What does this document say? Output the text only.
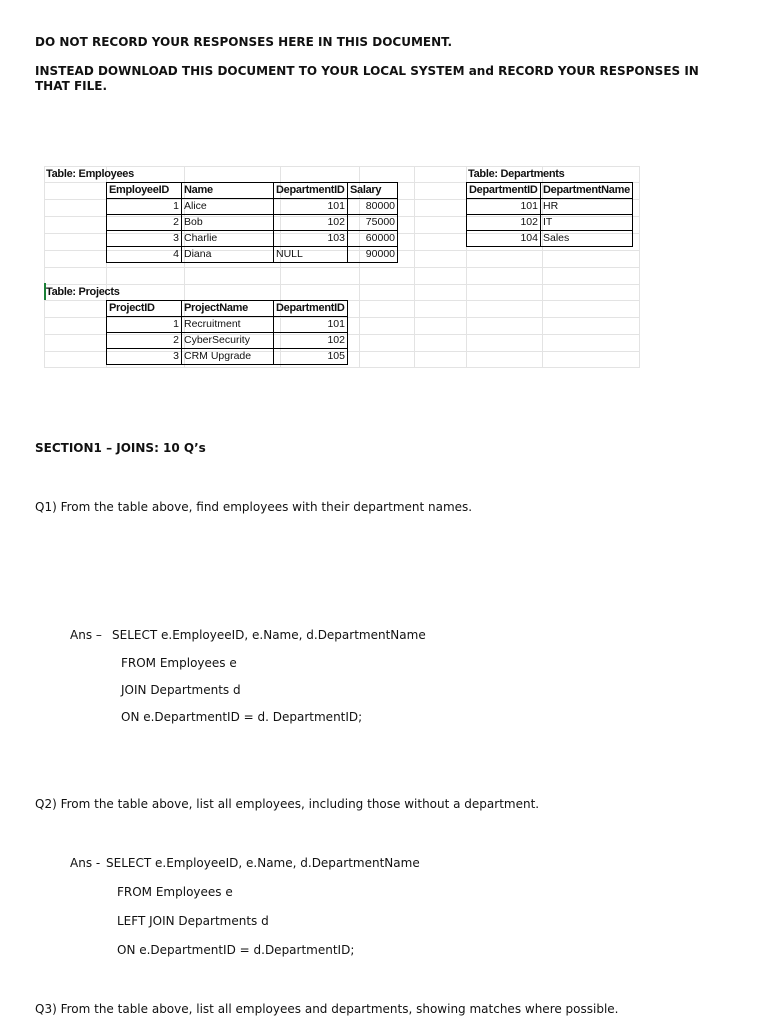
DO NOT RECORD YOUR RESPONSES HERE IN THIS DOCUMENT.
INSTEAD DOWNLOAD THIS DOCUMENT TO YOUR LOCAL SYSTEM and RECORD YOUR RESPONSES IN THAT FILE.
Table: Employees	Table: Departments
Table: Projects
EmployeeID	Name	DepartmentID	Salary
1	Alice	101	80000
2	Bob	102	75000
3	Charlie	103	60000
4	Diana	NULL	90000
DepartmentID	DepartmentName
101	HR
102	IT
104	Sales
ProjectID	ProjectName	DepartmentID
1	Recruitment	101
2	CyberSecurity	102
3	CRM Upgrade	105
SECTION1 – JOINS: 10 Q’s
Q1) From the table above, find employees with their department names.
Ans – SELECT e.EmployeeID, e.Name, d.DepartmentName
FROM Employees e
JOIN Departments d
ON e.DepartmentID = d. DepartmentID;
Q2) From the table above, list all employees, including those without a department.
Ans - SELECT e.EmployeeID, e.Name, d.DepartmentName
FROM Employees e
LEFT JOIN Departments d
ON e.DepartmentID = d.DepartmentID;
Q3) From the table above, list all employees and departments, showing matches where possible.
